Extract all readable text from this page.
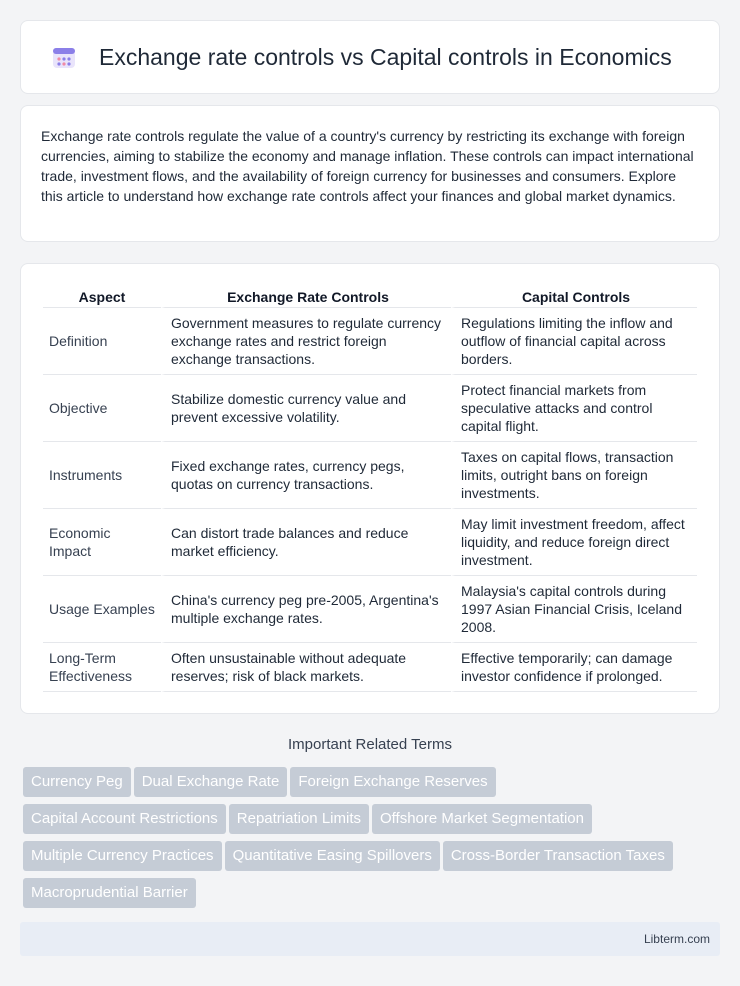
Exchange rate controls vs Capital controls in Economics

Exchange rate controls regulate the value of a country's currency by restricting its exchange with foreign currencies, aiming to stabilize the economy and manage inflation. These controls can impact international trade, investment flows, and the availability of foreign currency for businesses and consumers. Explore this article to understand how exchange rate controls affect your finances and global market dynamics.

Aspect	Exchange Rate Controls	Capital Controls
Definition	Government measures to regulate currency exchange rates and restrict foreign exchange transactions.	Regulations limiting the inflow and outflow of financial capital across borders.
Objective	Stabilize domestic currency value and prevent excessive volatility.	Protect financial markets from speculative attacks and control capital flight.
Instruments	Fixed exchange rates, currency pegs, quotas on currency transactions.	Taxes on capital flows, transaction limits, outright bans on foreign investments.
Economic Impact	Can distort trade balances and reduce market efficiency.	May limit investment freedom, affect liquidity, and reduce foreign direct investment.
Usage Examples	China's currency peg pre-2005, Argentina's multiple exchange rates.	Malaysia's capital controls during 1997 Asian Financial Crisis, Iceland 2008.
Long-Term Effectiveness	Often unsustainable without adequate reserves; risk of black markets.	Effective temporarily; can damage investor confidence if prolonged.
Important Related Terms
Currency Peg Dual Exchange Rate Foreign Exchange Reserves
Capital Account Restrictions Repatriation Limits Offshore Market Segmentation
Multiple Currency Practices Quantitative Easing Spillovers Cross-Border Transaction Taxes
Macroprudential Barrier
Libterm.com
